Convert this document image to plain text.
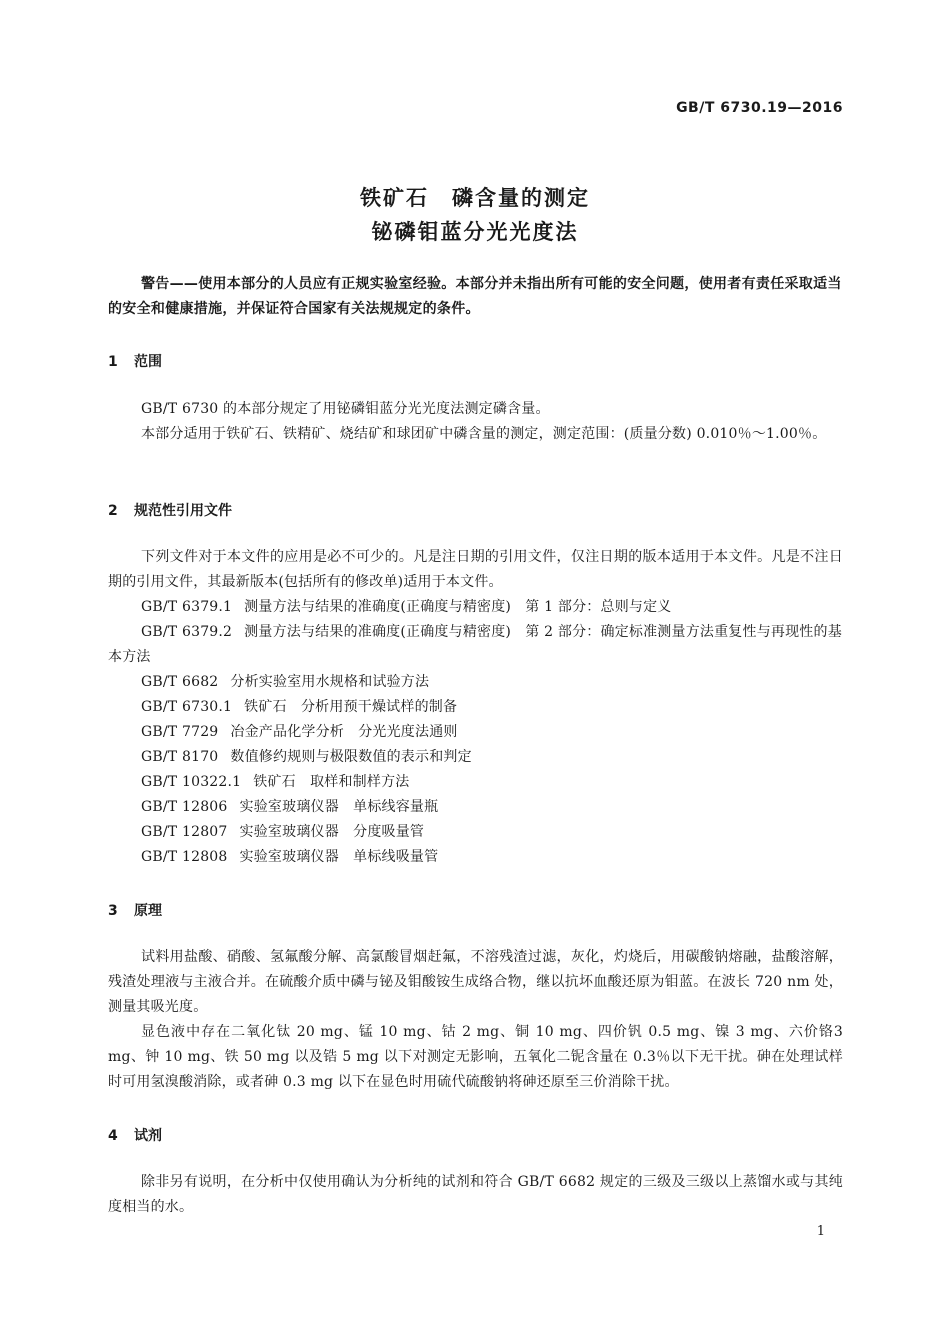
GB/T 6730.19—2016
铁矿石　磷含量的测定
铋磷钼蓝分光光度法
警告——使用本部分的人员应有正规实验室经验。本部分并未指出所有可能的安全问题，使用者有责任采取适当的安全和健康措施，并保证符合国家有关法规规定的条件。
1 范围
GB/T 6730 的本部分规定了用铋磷钼蓝分光光度法测定磷含量。
本部分适用于铁矿石、铁精矿、烧结矿和球团矿中磷含量的测定，测定范围：(质量分数) 0.010％～1.00％。
2 规范性引用文件
下列文件对于本文件的应用是必不可少的。凡是注日期的引用文件，仅注日期的版本适用于本文件。凡是不注日期的引用文件，其最新版本(包括所有的修改单)适用于本文件。
GB/T 6379.1 测量方法与结果的准确度(正确度与精密度)　第 1 部分：总则与定义
GB/T 6379.2 测量方法与结果的准确度(正确度与精密度)　第 2 部分：确定标准测量方法重复性与再现性的基本方法
GB/T 6682 分析实验室用水规格和试验方法
GB/T 6730.1 铁矿石　分析用预干燥试样的制备
GB/T 7729 冶金产品化学分析　分光光度法通则
GB/T 8170 数值修约规则与极限数值的表示和判定
GB/T 10322.1 铁矿石　取样和制样方法
GB/T 12806 实验室玻璃仪器　单标线容量瓶
GB/T 12807 实验室玻璃仪器　分度吸量管
GB/T 12808 实验室玻璃仪器　单标线吸量管
3 原理
试料用盐酸、硝酸、氢氟酸分解、高氯酸冒烟赶氟，不溶残渣过滤，灰化，灼烧后，用碳酸钠熔融，盐酸溶解，残渣处理液与主液合并。在硫酸介质中磷与铋及钼酸铵生成络合物，继以抗坏血酸还原为钼蓝。在波长 720 nm 处，测量其吸光度。
显色液中存在二氧化钛 20 mg、锰 10 mg、钴 2 mg、铜 10 mg、四价钒 0.5 mg、镍 3 mg、六价铬3 mg、钟 10 mg、铁 50 mg 以及锆 5 mg 以下对测定无影响，五氧化二铌含量在 0.3％以下无干扰。砷在处理试样时可用氢溴酸消除，或者砷 0.3 mg 以下在显色时用硫代硫酸钠将砷还原至三价消除干扰。
4 试剂
除非另有说明，在分析中仅使用确认为分析纯的试剂和符合 GB/T 6682 规定的三级及三级以上蒸馏水或与其纯度相当的水。
1
